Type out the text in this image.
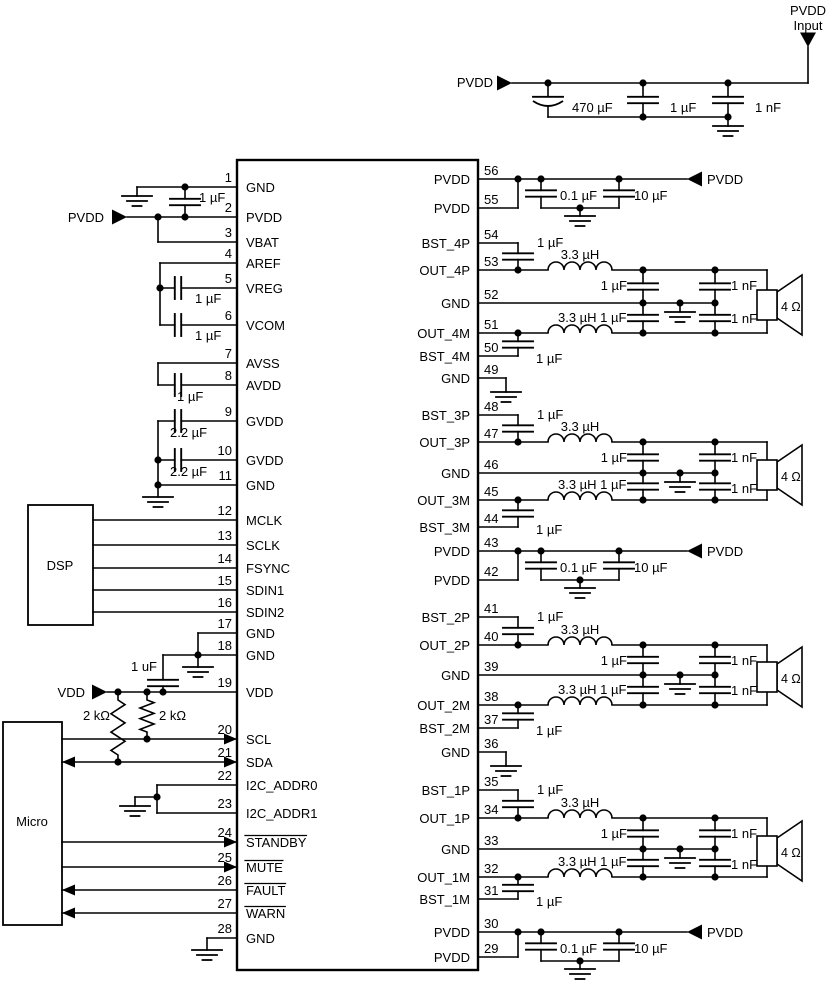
DSP
Micro
PVDD
PVDD
Input
470 µF	1 µF	1 nF
1 µF
PVDD
1 µF
1 µF
1 µF
2.2 µF
2.2 µF
1 uF
VDD
2 kΩ	2 kΩ
PVDD
0.1 µF	10 µF
PVDD
0.1 µF	10 µF
PVDD
0.1 µF	10 µF
1 µF
3.3 µH
1 µF	1 nF
3.3 µH 1 µF	1 nF
1 µF
4 Ω
1 µF
3.3 µH
1 µF	1 nF
3.3 µH 1 µF	1 nF
1 µF
4 Ω
1 µF
3.3 µH
1 µF	1 nF
3.3 µH 1 µF	1 nF
1 µF
4 Ω
1 µF
3.3 µH
1 µF	1 nF
3.3 µH 1 µF	1 nF
1 µF
4 Ω
1
GND
2
PVDD
3
VBAT
4
AREF
5
VREG
6
VCOM
7
AVSS
8
AVDD
9
GVDD
10
GVDD
11
GND
12
MCLK
13
SCLK
14
FSYNC
15
SDIN1
16
SDIN2
17
GND
18
GND
19
VDD
20
SCL
21
SDA
22
I2C_ADDR0
23
I2C_ADDR1
24
STANDBY
25
MUTE
26
FAULT
27
WARN
28
GND
56
PVDD
55
PVDD
54
BST_4P
53
OUT_4P
52
GND
51
OUT_4M
50
BST_4M
49
GND
48
BST_3P
47
OUT_3P
46
GND
45
OUT_3M
44
BST_3M
43
PVDD
42
PVDD
41
BST_2P
40
OUT_2P
39
GND
38
OUT_2M
37
BST_2M
36
GND
35
BST_1P
34
OUT_1P
33
GND
32
OUT_1M
31
BST_1M
30
PVDD
29
PVDD
